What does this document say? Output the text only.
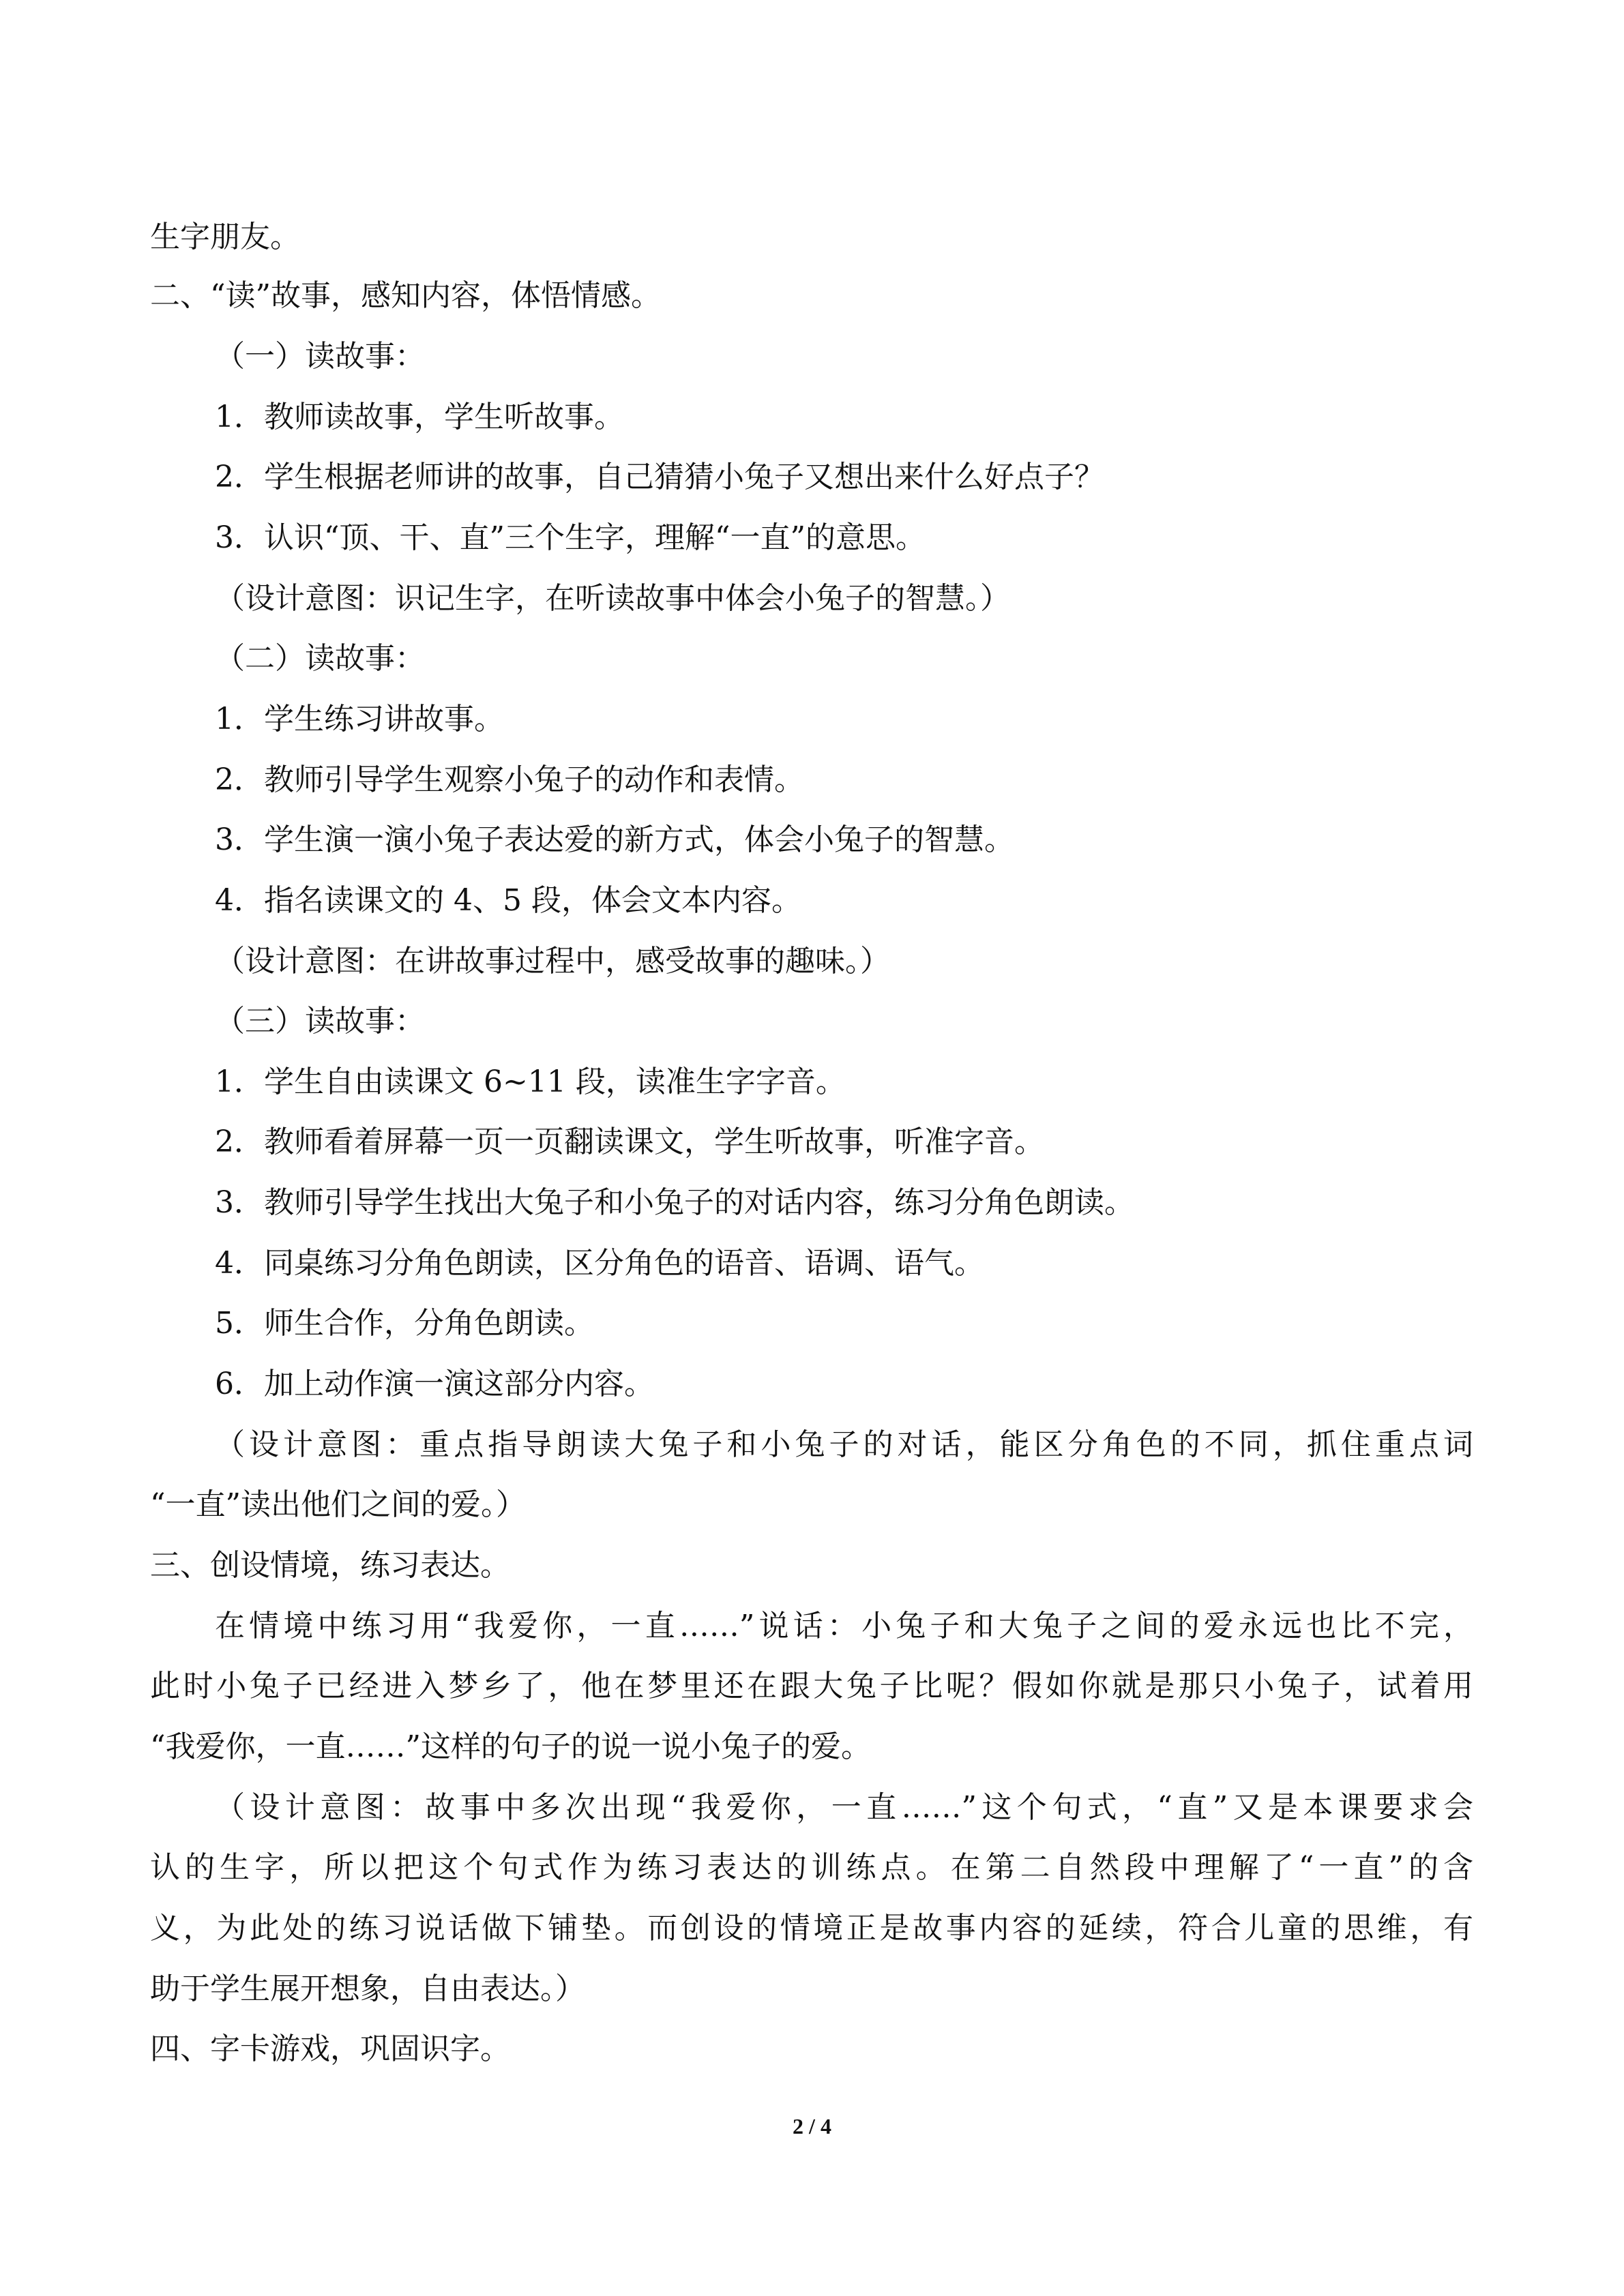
生字朋友。
二、“读”故事，感知内容，体悟情感。
（一）读故事：
1．教师读故事，学生听故事。
2．学生根据老师讲的故事，自己猜猜小兔子又想出来什么好点子？
3．认识“顶、干、直”三个生字，理解“一直”的意思。
（设计意图：识记生字，在听读故事中体会小兔子的智慧。）
（二）读故事：
1．学生练习讲故事。
2．教师引导学生观察小兔子的动作和表情。
3．学生演一演小兔子表达爱的新方式，体会小兔子的智慧。
4．指名读课文的 4、5 段，体会文本内容。
（设计意图：在讲故事过程中，感受故事的趣味。）
（三）读故事：
1．学生自由读课文 6~11 段，读准生字字音。
2．教师看着屏幕一页一页翻读课文，学生听故事，听准字音。
3．教师引导学生找出大兔子和小兔子的对话内容，练习分角色朗读。
4．同桌练习分角色朗读，区分角色的语音、语调、语气。
5．师生合作，分角色朗读。
6．加上动作演一演这部分内容。
（设计意图：重点指导朗读大兔子和小兔子的对话，能区分角色的不同，抓住重点词
“一直”读出他们之间的爱。）
三、创设情境，练习表达。
在情境中练习用“我爱你，一直……”说话：小兔子和大兔子之间的爱永远也比不完，
此时小兔子已经进入梦乡了，他在梦里还在跟大兔子比呢？假如你就是那只小兔子，试着用
“我爱你，一直……”这样的句子的说一说小兔子的爱。
（设计意图：故事中多次出现“我爱你，一直……”这个句式，“直”又是本课要求会
认的生字，所以把这个句式作为练习表达的训练点。在第二自然段中理解了“一直”的含
义，为此处的练习说话做下铺垫。而创设的情境正是故事内容的延续，符合儿童的思维，有
助于学生展开想象，自由表达。）
四、字卡游戏，巩固识字。
2 / 4
